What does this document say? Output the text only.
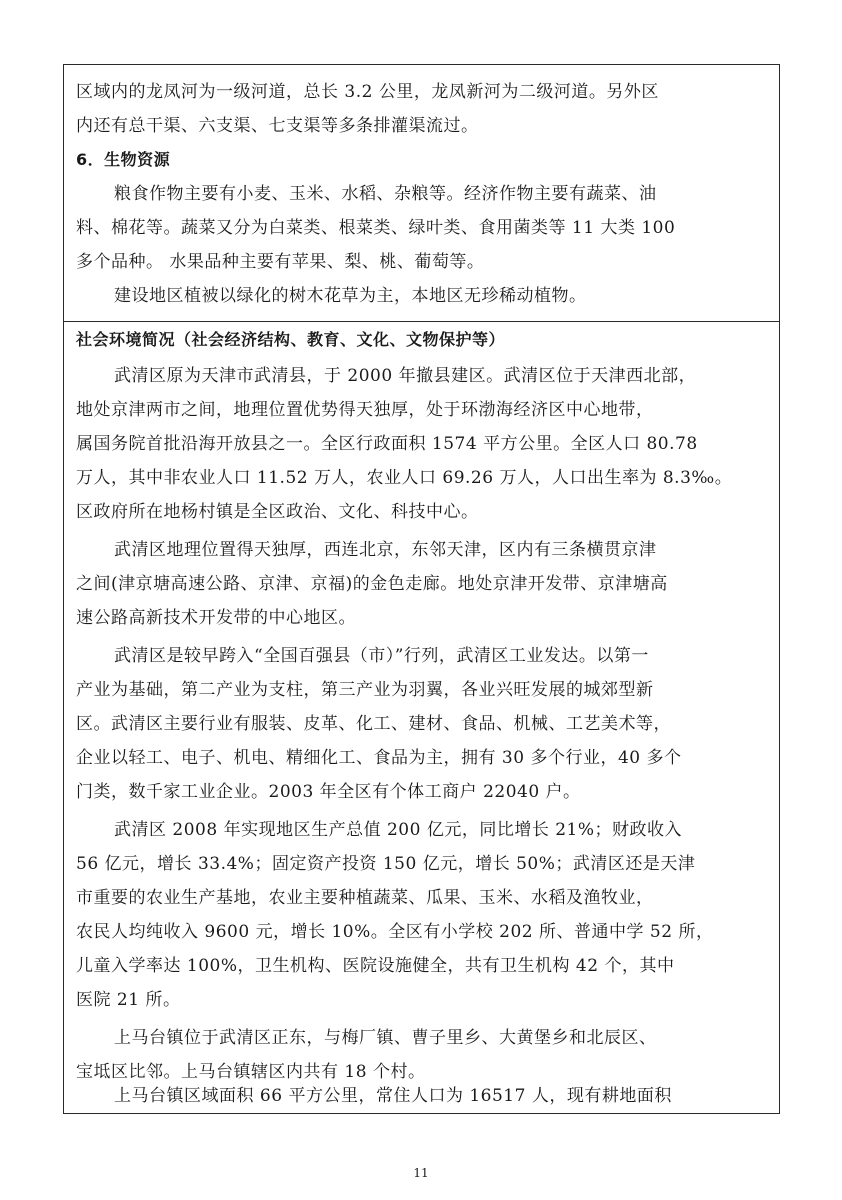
区域内的龙凤河为一级河道，总长 3.2 公里，龙凤新河为二级河道。另外区
内还有总干渠、六支渠、七支渠等多条排灌渠流过。
6．生物资源
粮食作物主要有小麦、玉米、水稻、杂粮等。经济作物主要有蔬菜、油
料、棉花等。蔬菜又分为白菜类、根菜类、绿叶类、食用菌类等 11 大类 100
多个品种。 水果品种主要有苹果、梨、桃、葡萄等。
建设地区植被以绿化的树木花草为主，本地区无珍稀动植物。
社会环境简况（社会经济结构、教育、文化、文物保护等）
武清区原为天津市武清县，于 2000 年撤县建区。武清区位于天津西北部，
地处京津两市之间，地理位置优势得天独厚，处于环渤海经济区中心地带，
属国务院首批沿海开放县之一。全区行政面积 1574 平方公里。全区人口 80.78
万人，其中非农业人口 11.52 万人，农业人口 69.26 万人，人口出生率为 8.3‰。
区政府所在地杨村镇是全区政治、文化、科技中心。
武清区地理位置得天独厚，西连北京，东邻天津，区内有三条横贯京津
之间(津京塘高速公路、京津、京福)的金色走廊。地处京津开发带、京津塘高
速公路高新技术开发带的中心地区。
武清区是较早跨入“全国百强县（市）”行列，武清区工业发达。以第一
产业为基础，第二产业为支柱，第三产业为羽翼，各业兴旺发展的城郊型新
区。武清区主要行业有服装、皮革、化工、建材、食品、机械、工艺美术等，
企业以轻工、电子、机电、精细化工、食品为主，拥有 30 多个行业，40 多个
门类，数千家工业企业。2003 年全区有个体工商户 22040 户。
武清区 2008 年实现地区生产总值 200 亿元，同比增长 21%；财政收入
56 亿元，增长 33.4%；固定资产投资 150 亿元，增长 50%；武清区还是天津
市重要的农业生产基地，农业主要种植蔬菜、瓜果、玉米、水稻及渔牧业，
农民人均纯收入 9600 元，增长 10%。全区有小学校 202 所、普通中学 52 所，
儿童入学率达 100%，卫生机构、医院设施健全，共有卫生机构 42 个，其中
医院 21 所。
上马台镇位于武清区正东，与梅厂镇、曹子里乡、大黄堡乡和北辰区、
宝坻区比邻。上马台镇辖区内共有 18 个村。
上马台镇区域面积 66 平方公里，常住人口为 16517 人，现有耕地面积
11
